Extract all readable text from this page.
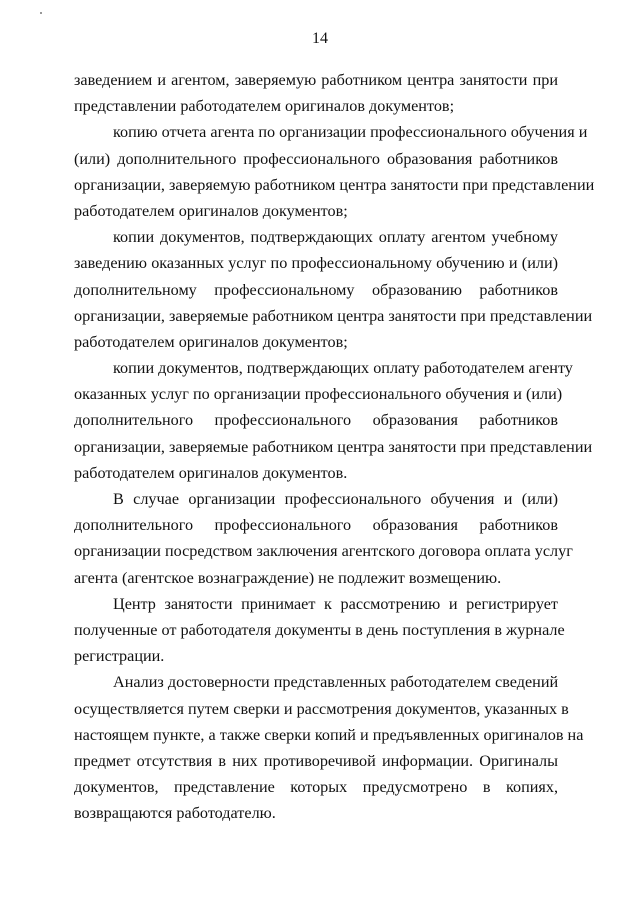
14
заведением и агентом, заверяемую работником центра занятости при
представлении работодателем оригиналов документов;
копию отчета агента по организации профессионального обучения и
(или) дополнительного профессионального образования работников
организации, заверяемую работником центра занятости при представлении
работодателем оригиналов документов;
копии документов, подтверждающих оплату агентом учебному
заведению оказанных услуг по профессиональному обучению и (или)
дополнительному профессиональному образованию работников
организации, заверяемые работником центра занятости при представлении
работодателем оригиналов документов;
копии документов, подтверждающих оплату работодателем агенту
оказанных услуг по организации профессионального обучения и (или)
дополнительного профессионального образования работников
организации, заверяемые работником центра занятости при представлении
работодателем оригиналов документов.
В случае организации профессионального обучения и (или)
дополнительного профессионального образования работников
организации посредством заключения агентского договора оплата услуг
агента (агентское вознаграждение) не подлежит возмещению.
Центр занятости принимает к рассмотрению и регистрирует
полученные от работодателя документы в день поступления в журнале
регистрации.
Анализ достоверности представленных работодателем сведений
осуществляется путем сверки и рассмотрения документов, указанных в
настоящем пункте, а также сверки копий и предъявленных оригиналов на
предмет отсутствия в них противоречивой информации. Оригиналы
документов, представление которых предусмотрено в копиях,
возвращаются работодателю.
